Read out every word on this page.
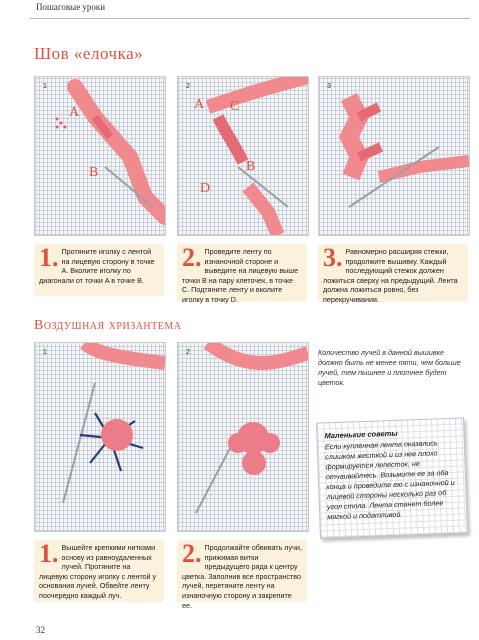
Пошаговые уроки
Шов «елочка»
1
A
B
2
A C
B
D
3
1. Протяните иголку с лентой на лицевую сторону в точке A. Вколите иголку по диагонали от точки A в точке B.
2. Проведите ленту по изнаночной стороне и выведите на лицевую выше точки B на пару клеточек, в точке C. Подтяните ленту и вколите иголку в точку D.
3. Равномерно расширяя стежки, продолжите вышивку. Каждый последующий стежок должен ложиться сверху на предыдущий. Лента должна ложиться ровно, без перекручивания.
Воздушная хризантема
1	2
1. Вышейте крепкими нитками основу из равноудаленных лучей. Протяните на лицевую сторону иголку с лентой у основания лучей. Обвейте ленту поочередно каждый луч.
2. Продолжайте обвивать лучи, прижимая витки предыдущего ряда к центру цветка. Заполнив все пространство лучей, перетяните ленту на изнаночную сторону и закрепите ее.
Количество лучей в данной вышивке должно быть не менее пяти, чем больше лучей, тем пышнее и плотнее будет цветок.
Маленькие советы
Если купленная лента оказались слишком жесткой и из нее плохо формируется лепесток, не отчаивайтесь. Возьмите ее за оба конца и проведите ею с изнаночной и лицевой стороны несколько раз об угол стола. Лента станет более мягкой и податливой.
32
